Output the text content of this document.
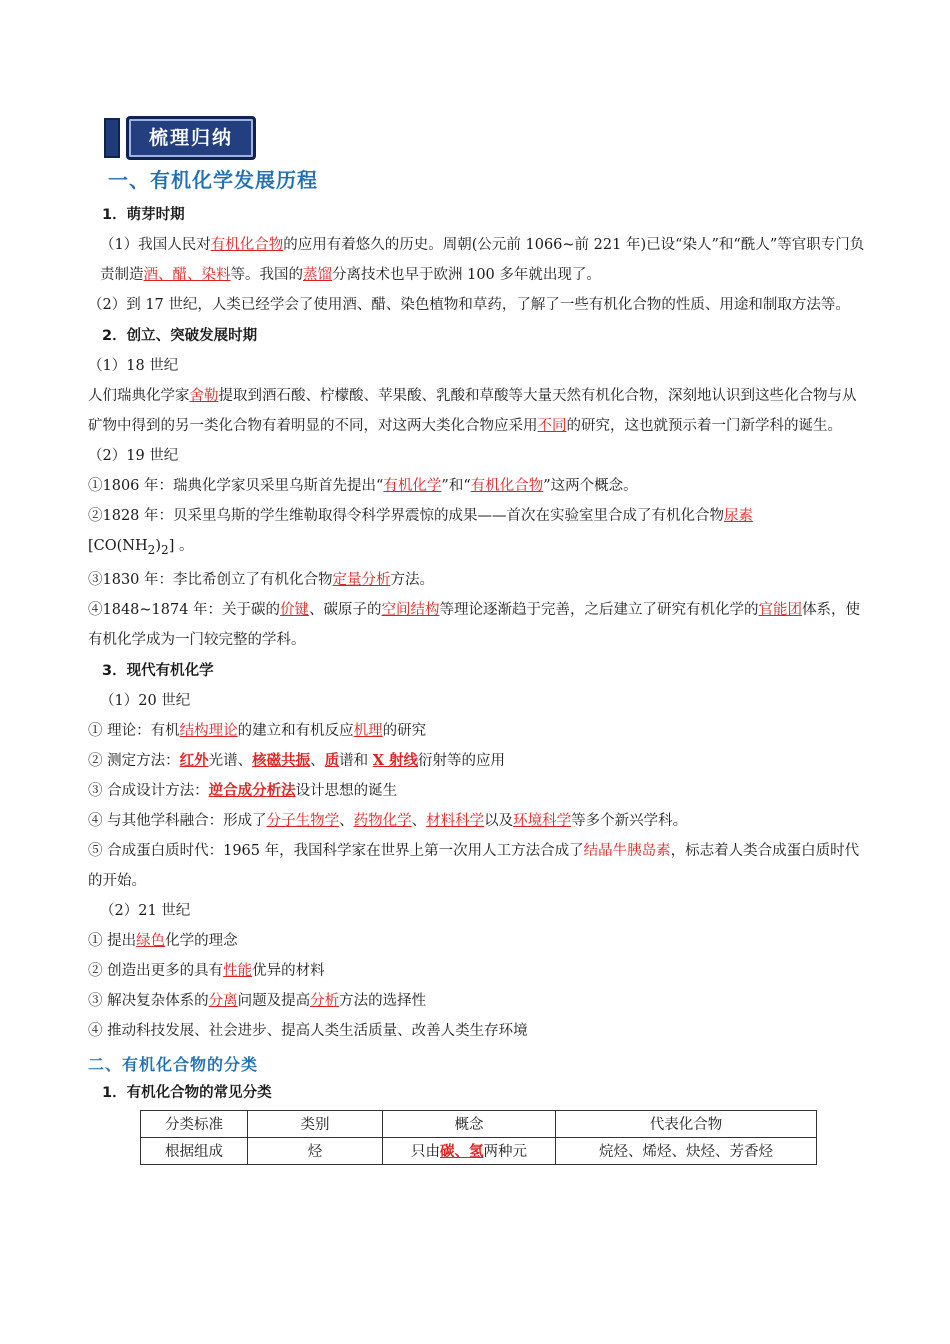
梳理归纳
一、有机化学发展历程
1．萌芽时期

（1）我国人民对有机化合物的应用有着悠久的历史。周朝(公元前 1066~前 221 年)已设“染人”和“酰人”等官职专门负责制造酒、醋、染料等。我国的蒸馏分离技术也早于欧洲 100 多年就出现了。

（2）到 17 世纪，人类已经学会了使用酒、醋、染色植物和草药，了解了一些有机化合物的性质、用途和制取方法等。

2．创立、突破发展时期

（1）18 世纪

人们瑞典化学家舍勒提取到酒石酸、柠檬酸、苹果酸、乳酸和草酸等大量天然有机化合物，深刻地认识到这些化合物与从矿物中得到的另一类化合物有着明显的不同，对这两大类化合物应采用不同的研究，这也就预示着一门新学科的诞生。

（2）19 世纪

①1806 年：瑞典化学家贝采里乌斯首先提出“有机化学”和“有机化合物”这两个概念。

②1828 年：贝采里乌斯的学生维勒取得令科学界震惊的成果——首次在实验室里合成了有机化合物尿素
$[CO(NH_2)_2]$ 。

③1830 年：李比希创立了有机化合物定量分析方法。

④1848~1874 年：关于碳的价键、碳原子的空间结构等理论逐渐趋于完善，之后建立了研究有机化学的官能团体系，使有机化学成为一门较完整的学科。

3．现代有机化学

（1）20 世纪

① 理论：有机结构理论的建立和有机反应机理的研究

② 测定方法：红外光谱、核磁共振、质谱和 X 射线衍射等的应用

③ 合成设计方法：逆合成分析法设计思想的诞生

④ 与其他学科融合：形成了分子生物学、药物化学、材料科学以及环境科学等多个新兴学科。

⑤ 合成蛋白质时代：1965 年，我国科学家在世界上第一次用人工方法合成了结晶牛胰岛素，标志着人类合成蛋白质时代的开始。

（2）21 世纪

① 提出绿色化学的理念

② 创造出更多的具有性能优异的材料

③ 解决复杂体系的分离问题及提高分析方法的选择性

④ 推动科技发展、社会进步、提高人类生活质量、改善人类生存环境

二、有机化合物的分类
1．有机化合物的常见分类
分类标准	类别	概念	代表化合物
根据组成	烃	只由碳、氢两种元	烷烃、烯烃、炔烃、芳香烃
